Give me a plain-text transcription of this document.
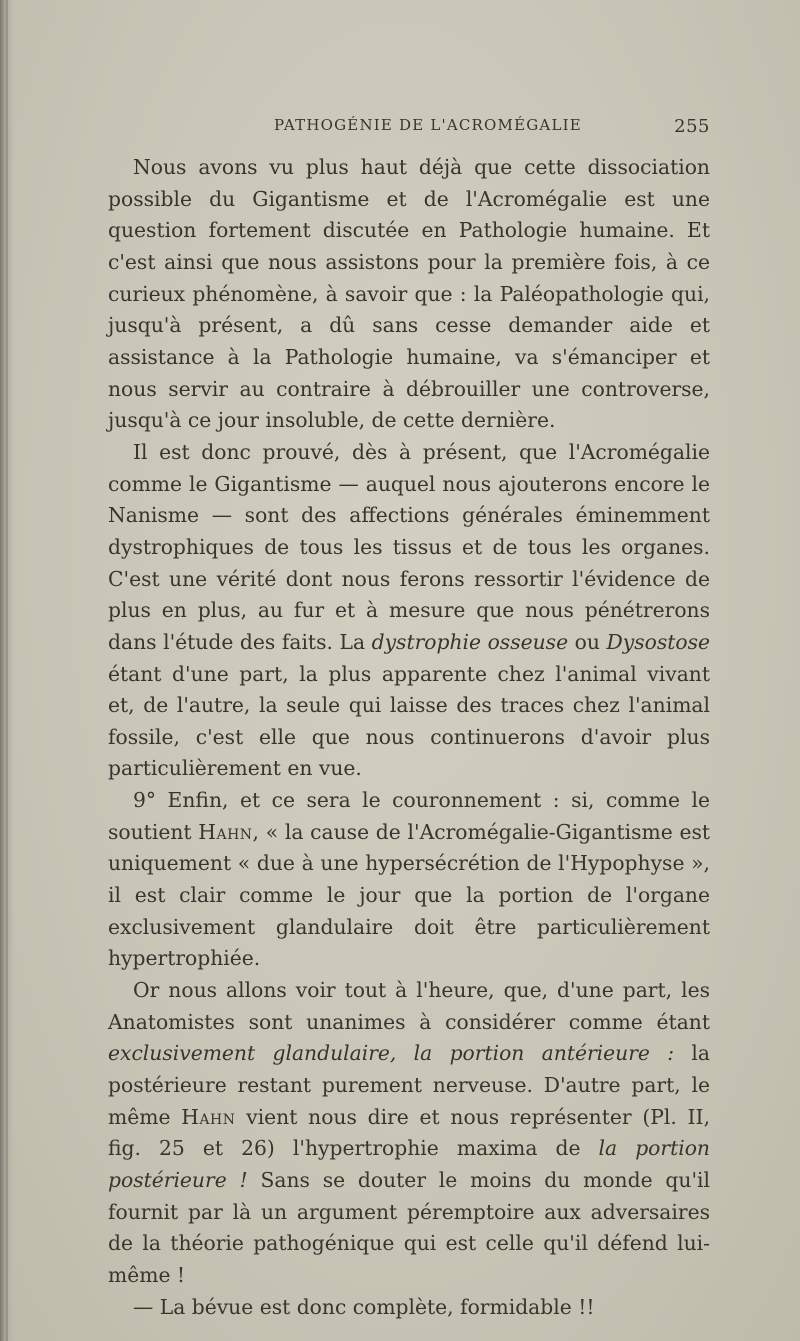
PATHOGÉNIE DE L'ACROMÉGALIE	255

Nous avons vu plus haut déjà que cette dissociation possible du Gigantisme et de l'Acromégalie est une question fortement discutée en Pathologie humaine. Et c'est ainsi que nous assistons pour la première fois, à ce curieux phénomène, à savoir que : la Paléopathologie qui, jusqu'à présent, a dû sans cesse demander aide et assistance à la Pathologie humaine, va s'émanciper et nous servir au contraire à débrouiller une controverse, jusqu'à ce jour insoluble, de cette dernière.

Il est donc prouvé, dès à présent, que l'Acromégalie comme le Gigantisme — auquel nous ajouterons encore le Nanisme — sont des affections générales éminemment dystrophiques de tous les tissus et de tous les organes. C'est une vérité dont nous ferons ressortir l'évidence de plus en plus, au fur et à mesure que nous pénétrerons dans l'étude des faits. La dystrophie osseuse ou Dysostose étant d'une part, la plus apparente chez l'animal vivant et, de l'autre, la seule qui laisse des traces chez l'animal fossile, c'est elle que nous continuerons d'avoir plus particulièrement en vue.

9° Enfin, et ce sera le couronnement : si, comme le soutient Hahn, « la cause de l'Acromégalie-Gigantisme est uniquement « due à une hypersécrétion de l'Hypophyse », il est clair comme le jour que la portion de l'organe exclusivement glandulaire doit être particulièrement hypertrophiée.

Or nous allons voir tout à l'heure, que, d'une part, les Anatomistes sont unanimes à considérer comme étant exclusivement glandulaire, la portion antérieure : la postérieure restant purement nerveuse. D'autre part, le même Hahn vient nous dire et nous représenter (Pl. II, fig. 25 et 26) l'hypertrophie maxima de la portion postérieure ! Sans se douter le moins du monde qu'il fournit par là un argument péremptoire aux adversaires de la théorie pathogénique qui est celle qu'il défend lui-même !

— La bévue est donc complète, formidable !!
